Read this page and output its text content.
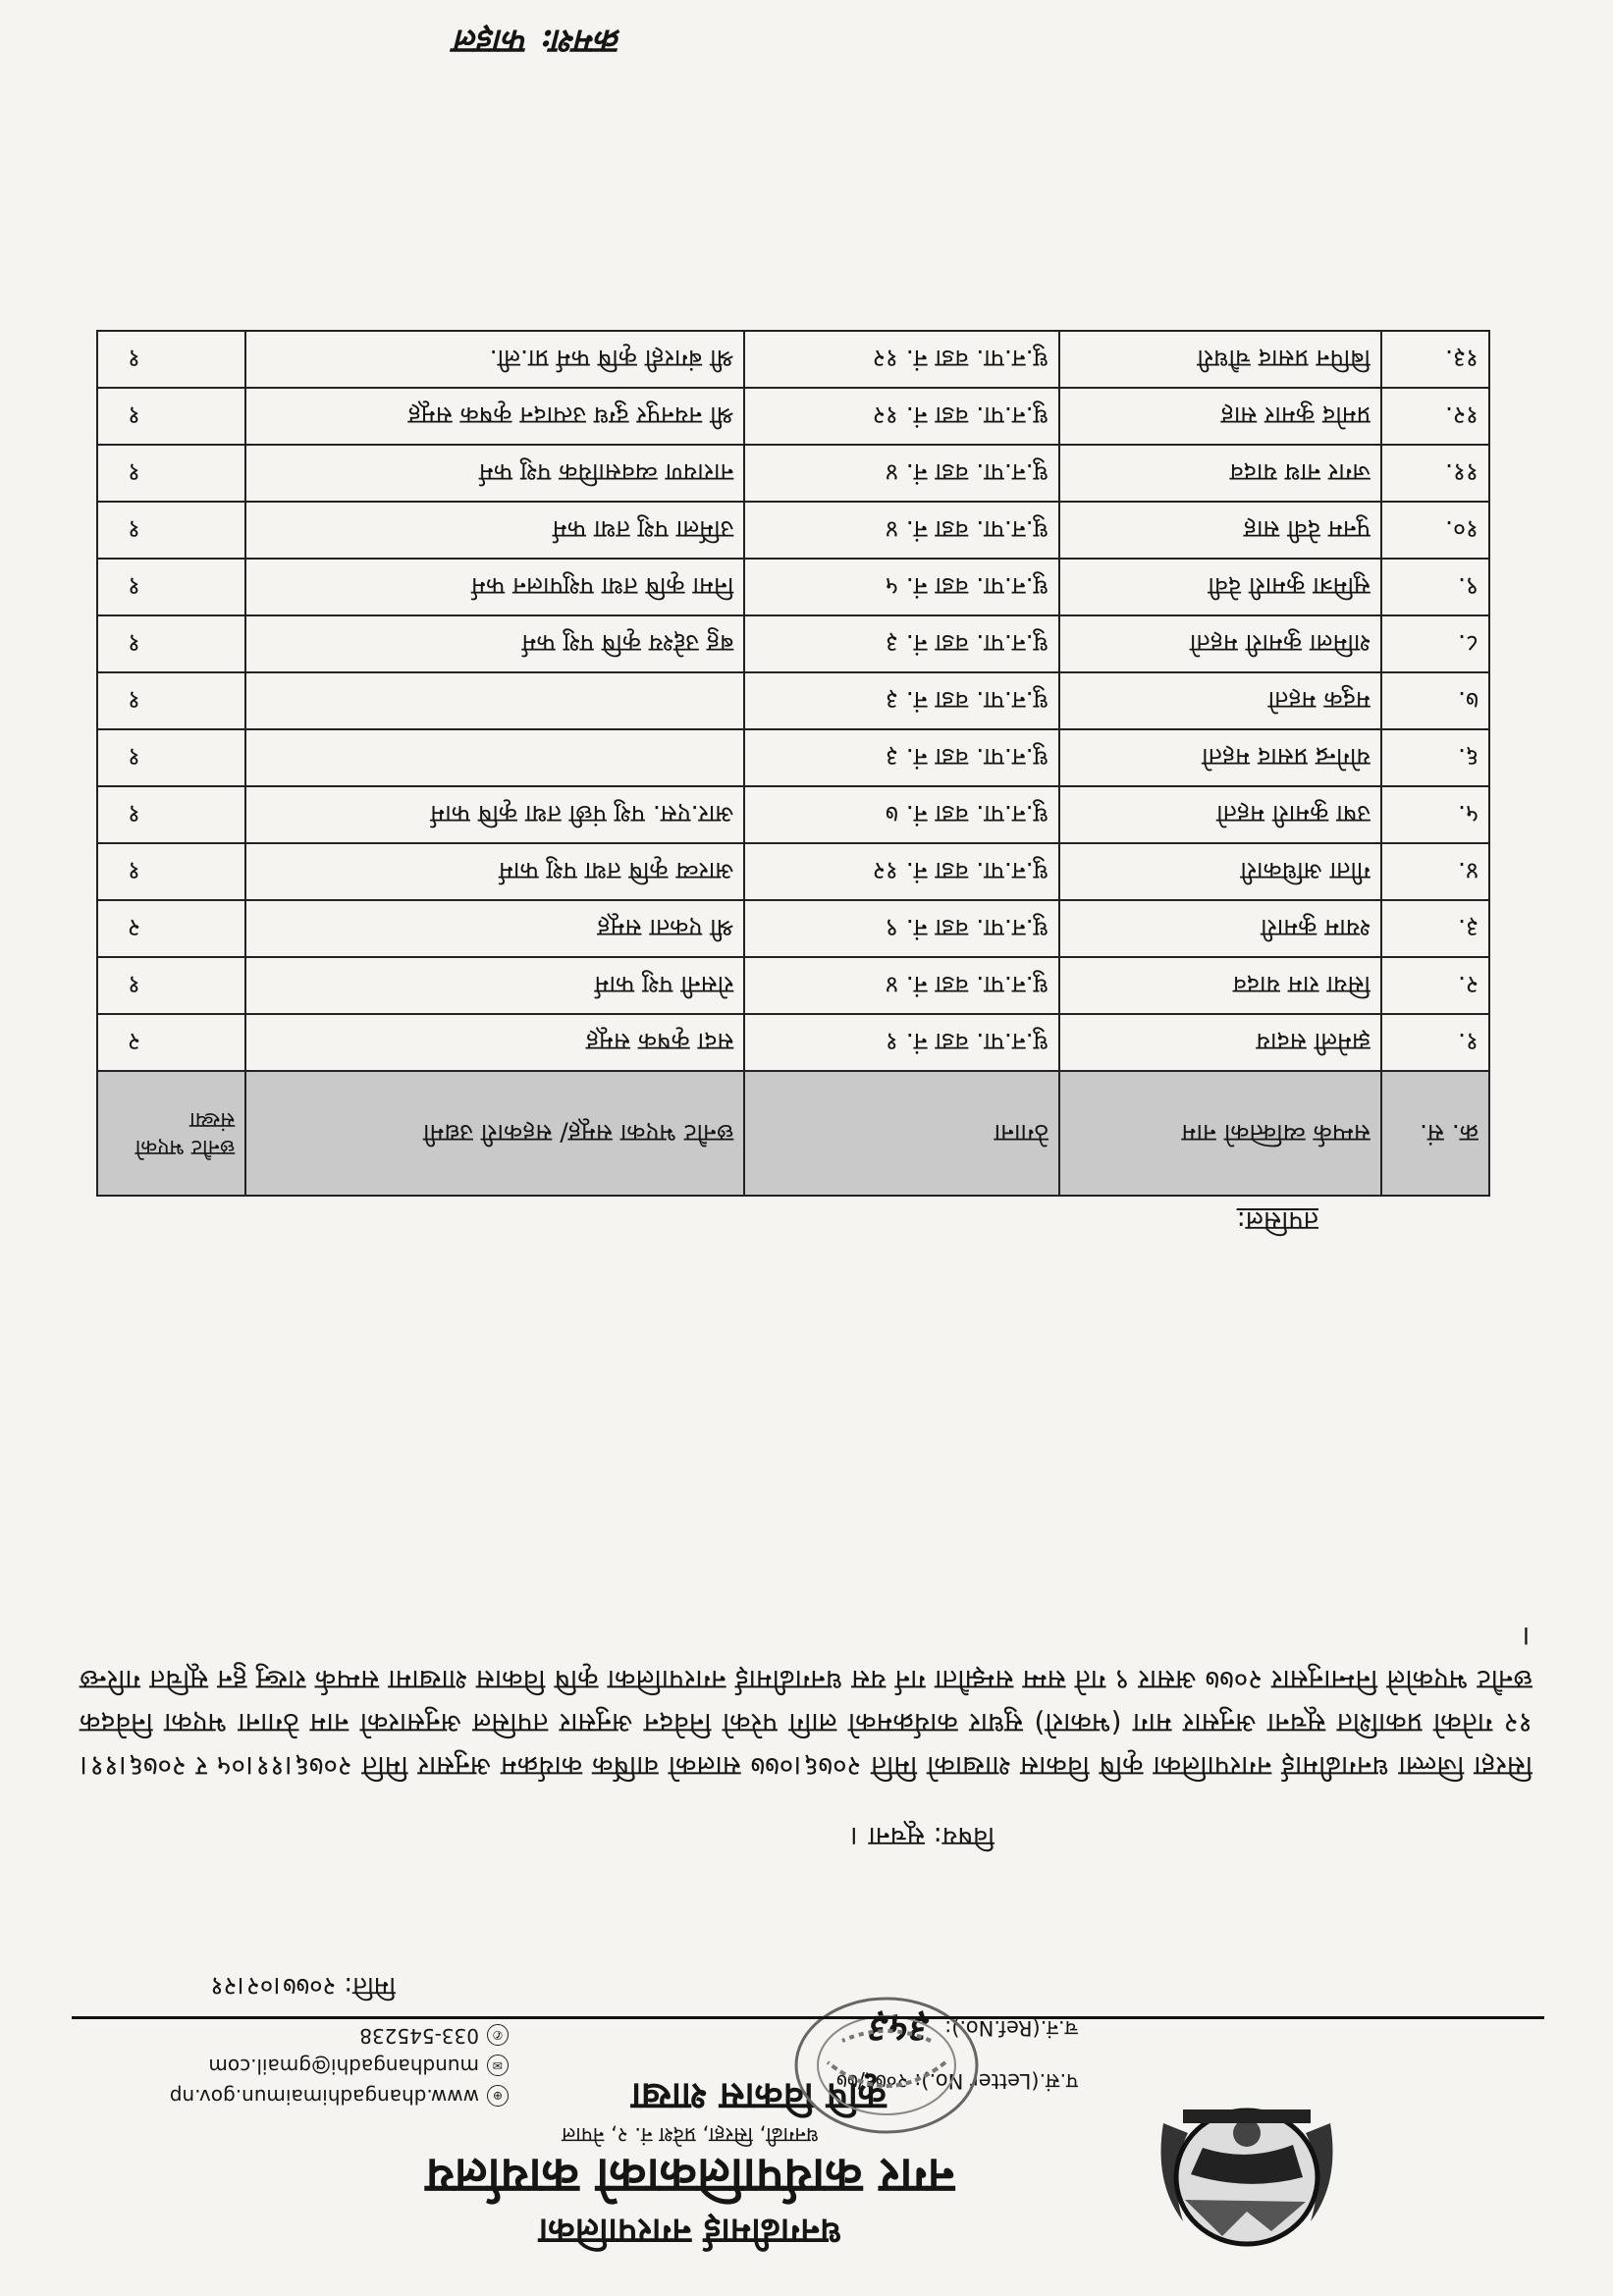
धनगढीमाई नगरपालिका
नगर कार्यपालिकाको कार्यालय
धनगढी, सिरहा, प्रदेश नं. २, नेपाल
कृषि विकास शाखा
प.सं.(Letter No.): २०७६/७७
च.नं.(Ref.No.): ३५३
⊕
www.dhangadhimaimun.gov.np
✉
mundhangadhi@gmail.com
✆
033-545238
मिति: २०७७।०२।२१
विषय: सूचना ।
सिरहा जिल्ला धनगढीमाई नगरपालिका कृषि विकास शाखाको मिति २०७६।०७७ सालको वार्षिक कार्यक्रम अनुसार मिति २०७६।११।०५ र २०७६।११।१२ गतेको प्रकाशित सूचना अनुसार माग (भकारो) सुधार कार्यक्रमको लागि परेको निवेदन अनुसार तपसिल अनुसारको नाम ठेगाना भएका निवेदक छनौट भएकोले निम्नानुसार २०७७ असार ९ गते सम्म सम्झौता गर्न यस धनगढीमाई नगरपालिका कृषि विकास शाखामा सम्पर्क राख्नु हुन सूचित गरिन्छ ।
तपसिल:
क्र. सं.	सम्पर्क व्यक्तिको नाम	ठेगाना	छनौट भएका समूह/ सहकारी उद्यमी	छनौट भएको संख्या
१.	झमेली सदाय	धु.न.पा. वडा नं. १	सदा कृषक समूह	२
२.	सिया राम यादव	धु.न.पा. वडा नं. ४	रोसनी पशु फार्म	१
३.	श्याम कुमारी	धु.न.पा. वडा नं. ९	श्री एकता समूह	२
४.	गीता अधिकारी	धु.न.पा. वडा नं. १२	आरव्य कृषि तथा पशु फार्म	१
५.	उषा कुमारी महतो	धु.न.पा. वडा नं. ७	आर.एस. पशु पंछी तथा कृषि फार्म	१
६.	योगेन्द्र प्रसाद महतो	धु.न.पा. वडा नं. ३		१
७.	मदुक महतो	धु.न.पा. वडा नं. ३		१
८.	शमिला कुमारी महतो	धु.न.पा. वडा नं. ३	बहु उद्देश्य कृषि पशु फर्म	१
९.	सुमित्रा कुमारी देवी	धु.न.पा. वडा नं. ५	निमा कृषि तथा पशुपालन फर्म	१
१०.	पुनम देवी साह	धु.न.पा. वडा नं. ४	उर्मिला पशु तथा फर्म	१
११.	जगर नाथ यादव	धु.न.पा. वडा नं. ४	नारायण व्यवसायिक पशु फर्म	१
१२.	प्रमोद कुमार साह	धु.न.पा. वडा नं. १२	श्री नयनपुर दुग्ध उत्पादन कृषक समूह	१
१३.	बिपिन प्रसाद चौधरी	धु.न.पा. वडा नं. १२	श्री बंगरही कृषि फर्म प्रा.ली.	१
क्रमश: फाइल
